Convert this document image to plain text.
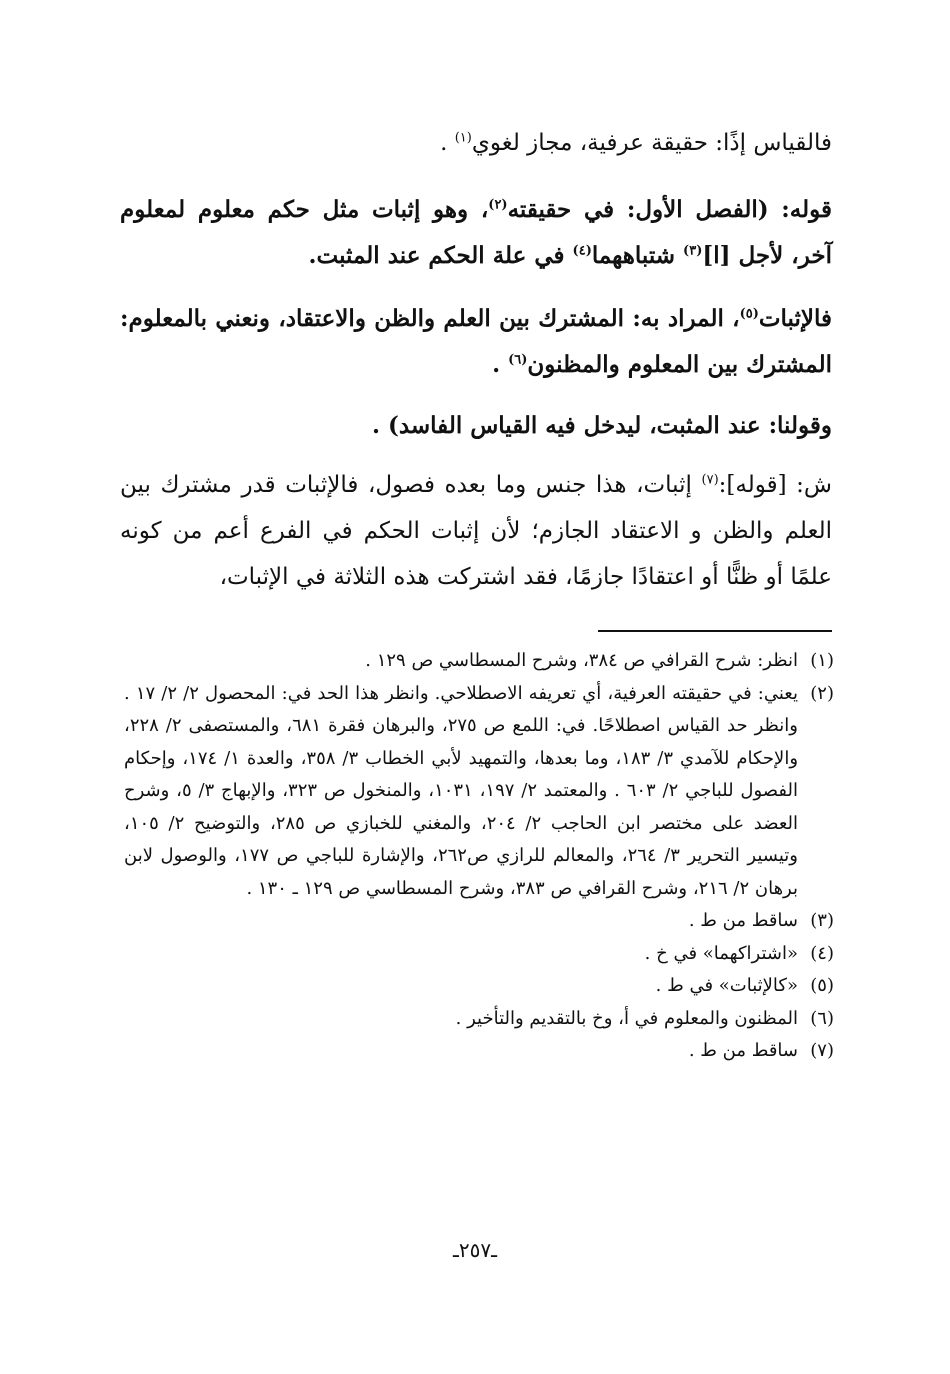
فالقياس إذًا: حقيقة عرفية، مجاز لغوي$^{(١)}$ .

قوله: (الفصل الأول: في حقيقته$^{(٢)}$، وهو إثبات مثل حكم معلوم لمعلوم آخر، لأجل [ا]$^{(٣)}$ شتباههما$^{(٤)}$ في علة الحكم عند المثبت.

فالإثبات$^{(٥)}$، المراد به: المشترك بين العلم والظن والاعتقاد، ونعني بالمعلوم: المشترك بين المعلوم والمظنون$^{(٦)}$ .

وقولنا: عند المثبت، ليدخل فيه القياس الفاسد) .

ش: [قوله]:$^{(٧)}$ إثبات، هذا جنس وما بعده فصول، فالإثبات قدر مشترك بين العلم والظن و الاعتقاد الجازم؛ لأن إثبات الحكم في الفرع أعم من كونه علمًا أو ظنًّا أو اعتقادًا جازمًا، فقد اشتركت هذه الثلاثة في الإثبات،

(١)
انظر: شرح القرافي ص ٣٨٤، وشرح المسطاسي ص ١٢٩ .
(٢)
يعني: في حقيقته العرفية، أي تعريفه الاصطلاحي. وانظر هذا الحد في: المحصول ٢/ ٢/ ١٧ . وانظر حد القياس اصطلاحًا. في: اللمع ص ٢٧٥، والبرهان فقرة ٦٨١، والمستصفى ٢/ ٢٢٨، والإحكام للآمدي ٣/ ١٨٣، وما بعدها، والتمهيد لأبي الخطاب ٣/ ٣٥٨، والعدة ١/ ١٧٤، وإحكام الفصول للباجي ٢/ ٦٠٣ . والمعتمد ٢/ ١٩٧، ١٠٣١، والمنخول ص ٣٢٣، والإبهاج ٣/ ٥، وشرح العضد على مختصر ابن الحاجب ٢/ ٢٠٤، والمغني للخبازي ص ٢٨٥، والتوضيح ٢/ ١٠٥، وتيسير التحرير ٣/ ٢٦٤، والمعالم للرازي ص٢٦٢، والإشارة للباجي ص ١٧٧، والوصول لابن برهان ٢/ ٢١٦، وشرح القرافي ص ٣٨٣، وشرح المسطاسي ص ١٢٩ ـ ١٣٠ .
(٣)
ساقط من ط .
(٤)
«اشتراكهما» في خ .
(٥)
«كالإثبات» في ط .
(٦)
المظنون والمعلوم في أ، وخ بالتقديم والتأخير .
(٧)
ساقط من ط .
ـ٢٥٧ـ
